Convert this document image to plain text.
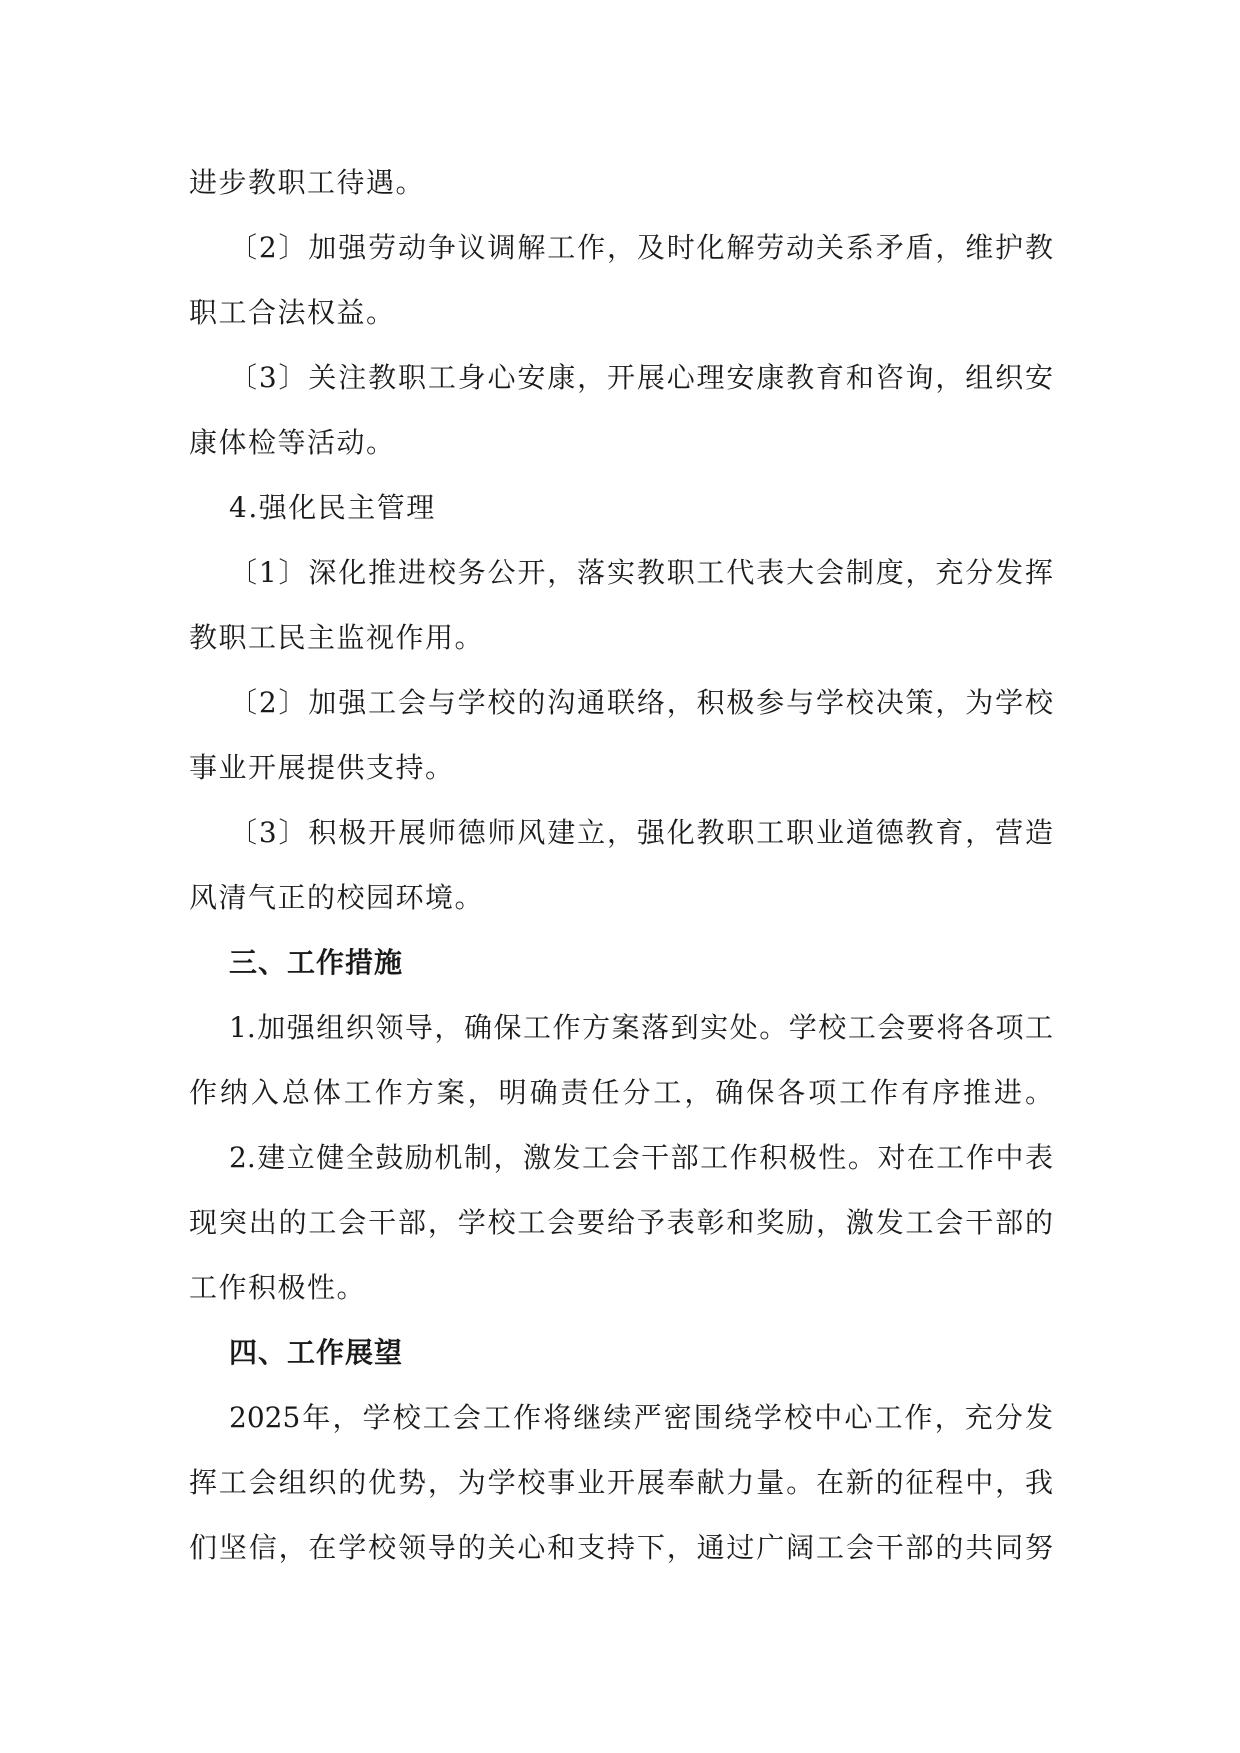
进步教职工待遇。
〔2〕加强劳动争议调解工作，及时化解劳动关系矛盾，维护教
职工合法权益。
〔3〕关注教职工身心安康，开展心理安康教育和咨询，组织安
康体检等活动。
4.强化民主管理
〔1〕深化推进校务公开，落实教职工代表大会制度，充分发挥
教职工民主监视作用。
〔2〕加强工会与学校的沟通联络，积极参与学校决策，为学校
事业开展提供支持。
〔3〕积极开展师德师风建立，强化教职工职业道德教育，营造
风清气正的校园环境。
三、工作措施
1.加强组织领导，确保工作方案落到实处。学校工会要将各项工
作纳入总体工作方案，明确责任分工，确保各项工作有序推进。
2.建立健全鼓励机制，激发工会干部工作积极性。对在工作中表
现突出的工会干部，学校工会要给予表彰和奖励，激发工会干部的
工作积极性。
四、工作展望
2025年，学校工会工作将继续严密围绕学校中心工作，充分发
挥工会组织的优势，为学校事业开展奉献力量。在新的征程中，我
们坚信，在学校领导的关心和支持下，通过广阔工会干部的共同努
